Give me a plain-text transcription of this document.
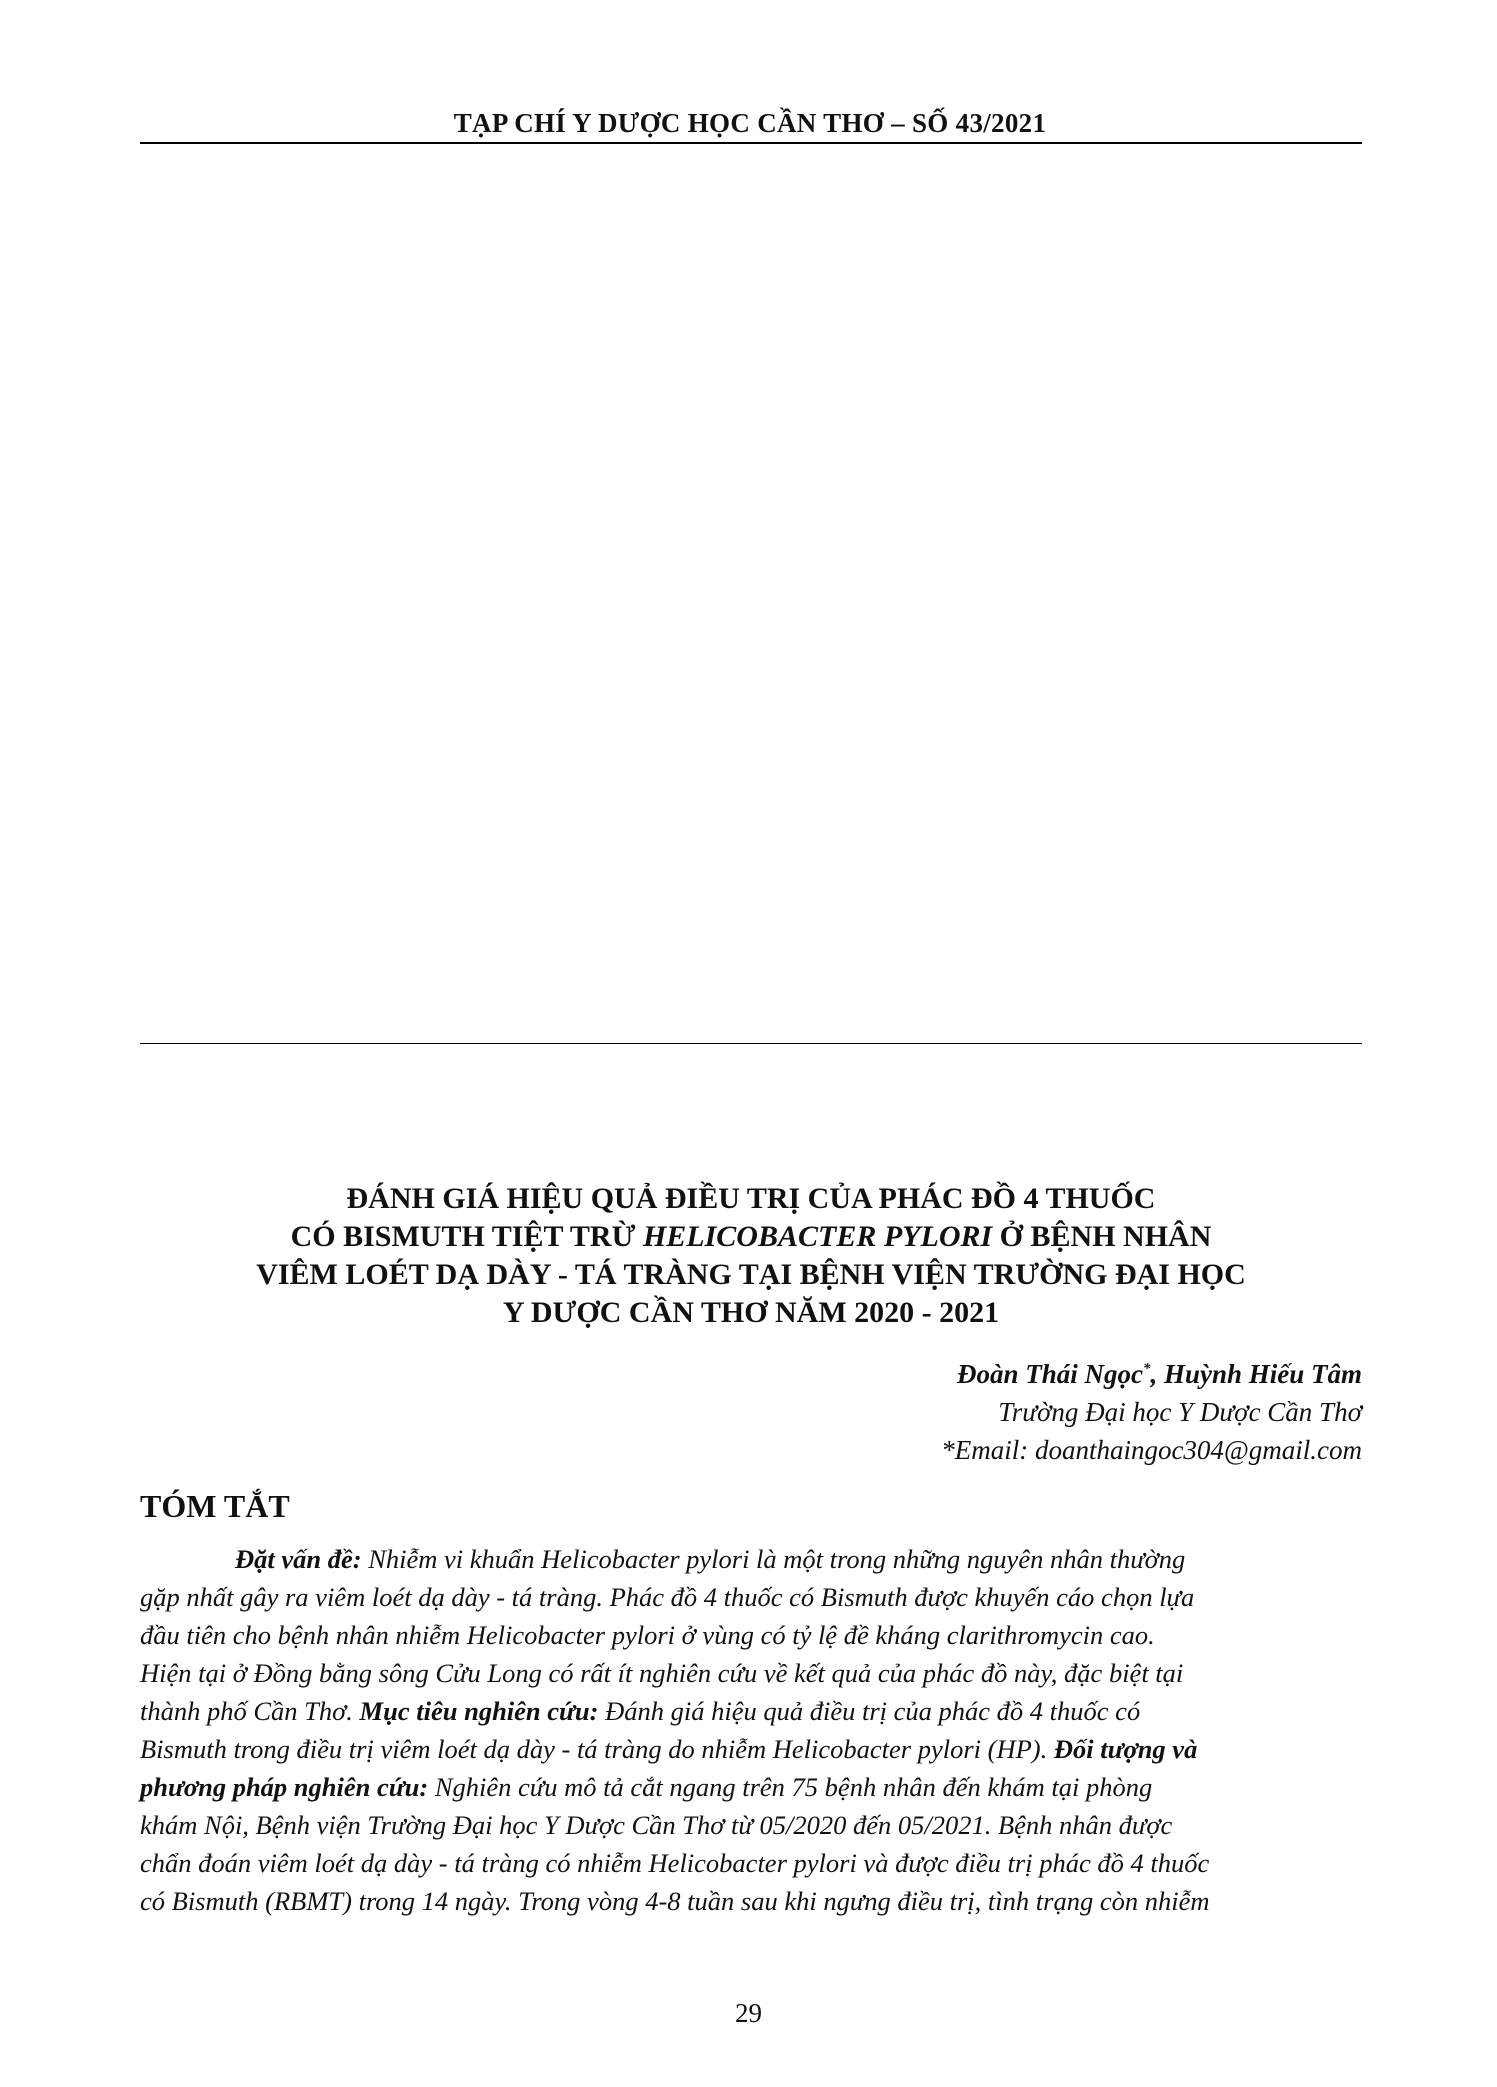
TẠP CHÍ Y DƯỢC HỌC CẦN THƠ – SỐ 43/2021
ĐÁNH GIÁ HIỆU QUẢ ĐIỀU TRỊ CỦA PHÁC ĐỒ 4 THUỐC
CÓ BISMUTH TIỆT TRỪ HELICOBACTER PYLORI Ở BỆNH NHÂN
VIÊM LOÉT DẠ DÀY - TÁ TRÀNG TẠI BỆNH VIỆN TRƯỜNG ĐẠI HỌC
Y DƯỢC CẦN THƠ NĂM 2020 - 2021
Đoàn Thái Ngọc*, Huỳnh Hiếu Tâm
Trường Đại học Y Dược Cần Thơ
*Email: doanthaingoc304@gmail.com
TÓM TẮT
Đặt vấn đề: Nhiễm vi khuẩn Helicobacter pylori là một trong những nguyên nhân thường
gặp nhất gây ra viêm loét dạ dày - tá tràng. Phác đồ 4 thuốc có Bismuth được khuyến cáo chọn lựa
đầu tiên cho bệnh nhân nhiễm Helicobacter pylori ở vùng có tỷ lệ đề kháng clarithromycin cao.
Hiện tại ở Đồng bằng sông Cửu Long có rất ít nghiên cứu về kết quả của phác đồ này, đặc biệt tại
thành phố Cần Thơ. Mục tiêu nghiên cứu: Đánh giá hiệu quả điều trị của phác đồ 4 thuốc có
Bismuth trong điều trị viêm loét dạ dày - tá tràng do nhiễm Helicobacter pylori (HP). Đối tượng và
phương pháp nghiên cứu: Nghiên cứu mô tả cắt ngang trên 75 bệnh nhân đến khám tại phòng
khám Nội, Bệnh viện Trường Đại học Y Dược Cần Thơ từ 05/2020 đến 05/2021. Bệnh nhân được
chẩn đoán viêm loét dạ dày - tá tràng có nhiễm Helicobacter pylori và được điều trị phác đồ 4 thuốc
có Bismuth (RBMT) trong 14 ngày. Trong vòng 4-8 tuần sau khi ngưng điều trị, tình trạng còn nhiễm
29
